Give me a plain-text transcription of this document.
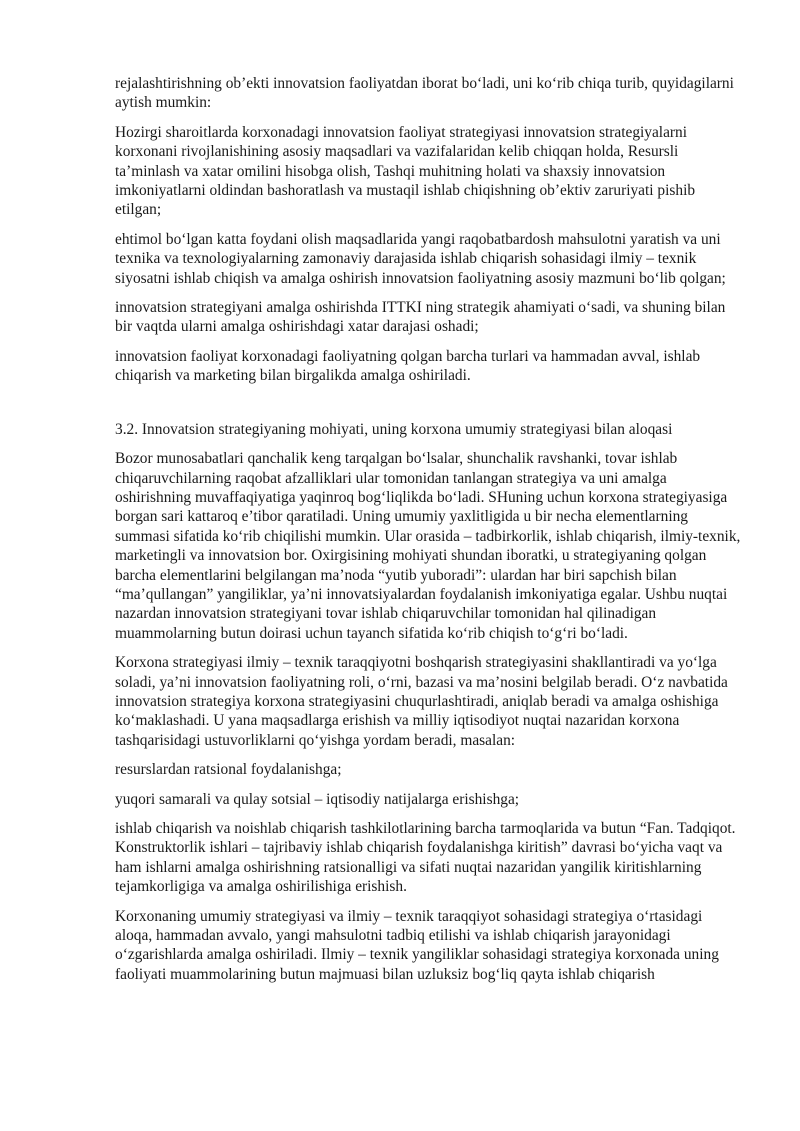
rejalashtirishning ob’ekti innovatsion faoliyatdan iborat bo‘ladi, uni ko‘rib chiqa turib, quyidagilarni aytish mumkin:

Hozirgi sharoitlarda korxonadagi innovatsion faoliyat strategiyasi innovatsion strategiyalarni korxonani rivojlanishining asosiy maqsadlari va vazifalaridan kelib chiqqan holda, Resursli ta’minlash va xatar omilini hisobga olish, Tashqi muhitning holati va shaxsiy innovatsion imkoniyatlarni oldindan bashoratlash va mustaqil ishlab chiqishning ob’ektiv zaruriyati pishib etilgan;

ehtimol bo‘lgan katta foydani olish maqsadlarida yangi raqobatbardosh mahsulotni yaratish va uni texnika va texnologiyalarning zamonaviy darajasida ishlab chiqarish sohasidagi ilmiy – texnik siyosatni ishlab chiqish va amalga oshirish innovatsion faoliyatning asosiy mazmuni bo‘lib qolgan;

innovatsion strategiyani amalga oshirishda ITTKI ning strategik ahamiyati o‘sadi, va shuning bilan bir vaqtda ularni amalga oshirishdagi xatar darajasi oshadi;

innovatsion faoliyat korxonadagi faoliyatning qolgan barcha turlari va hammadan avval, ishlab chiqarish va marketing bilan birgalikda amalga oshiriladi.

3.2. Innovatsion strategiyaning mohiyati, uning korxona umumiy strategiyasi bilan aloqasi

Bozor munosabatlari qanchalik keng tarqalgan bo‘lsalar, shunchalik ravshanki, tovar ishlab chiqaruvchilarning raqobat afzalliklari ular tomonidan tanlangan strategiya va uni amalga oshirishning muvaffaqiyatiga yaqinroq bog‘liqlikda bo‘ladi. SHuning uchun korxona strategiyasiga borgan sari kattaroq e’tibor qaratiladi. Uning umumiy yaxlitligida u bir necha elementlarning summasi sifatida ko‘rib chiqilishi mumkin. Ular orasida – tadbirkorlik, ishlab chiqarish, ilmiy-texnik, marketingli va innovatsion bor. Oxirgisining mohiyati shundan iboratki, u strategiyaning qolgan barcha elementlarini belgilangan ma’noda “yutib yuboradi”: ulardan har biri sapchish bilan “ma’qullangan” yangiliklar, ya’ni innovatsiyalardan foydalanish imkoniyatiga egalar. Ushbu nuqtai nazardan innovatsion strategiyani tovar ishlab chiqaruvchilar tomonidan hal qilinadigan muammolarning butun doirasi uchun tayanch sifatida ko‘rib chiqish to‘g‘ri bo‘ladi.

Korxona strategiyasi ilmiy – texnik taraqqiyotni boshqarish strategiyasini shakllantiradi va yo‘lga soladi, ya’ni innovatsion faoliyatning roli, o‘rni, bazasi va ma’nosini belgilab beradi. O‘z navbatida innovatsion strategiya korxona strategiyasini chuqurlashtiradi, aniqlab beradi va amalga oshishiga ko‘maklashadi. U yana maqsadlarga erishish va milliy iqtisodiyot nuqtai nazaridan korxona tashqarisidagi ustuvorliklarni qo‘yishga yordam beradi, masalan:

resurslardan ratsional foydalanishga;

yuqori samarali va qulay sotsial – iqtisodiy natijalarga erishishga;

ishlab chiqarish va noishlab chiqarish tashkilotlarining barcha tarmoqlarida va butun “Fan. Tadqiqot. Konstruktorlik ishlari – tajribaviy ishlab chiqarish foydalanishga kiritish” davrasi bo‘yicha vaqt va ham ishlarni amalga oshirishning ratsionalligi va sifati nuqtai nazaridan yangilik kiritishlarning tejamkorligiga va amalga oshirilishiga erishish.

Korxonaning umumiy strategiyasi va ilmiy – texnik taraqqiyot sohasidagi strategiya o‘rtasidagi aloqa, hammadan avvalo, yangi mahsulotni tadbiq etilishi va ishlab chiqarish jarayonidagi o‘zgarishlarda amalga oshiriladi. Ilmiy – texnik yangiliklar sohasidagi strategiya korxonada uning faoliyati muammolarining butun majmuasi bilan uzluksiz bog‘liq qayta ishlab chiqarish
